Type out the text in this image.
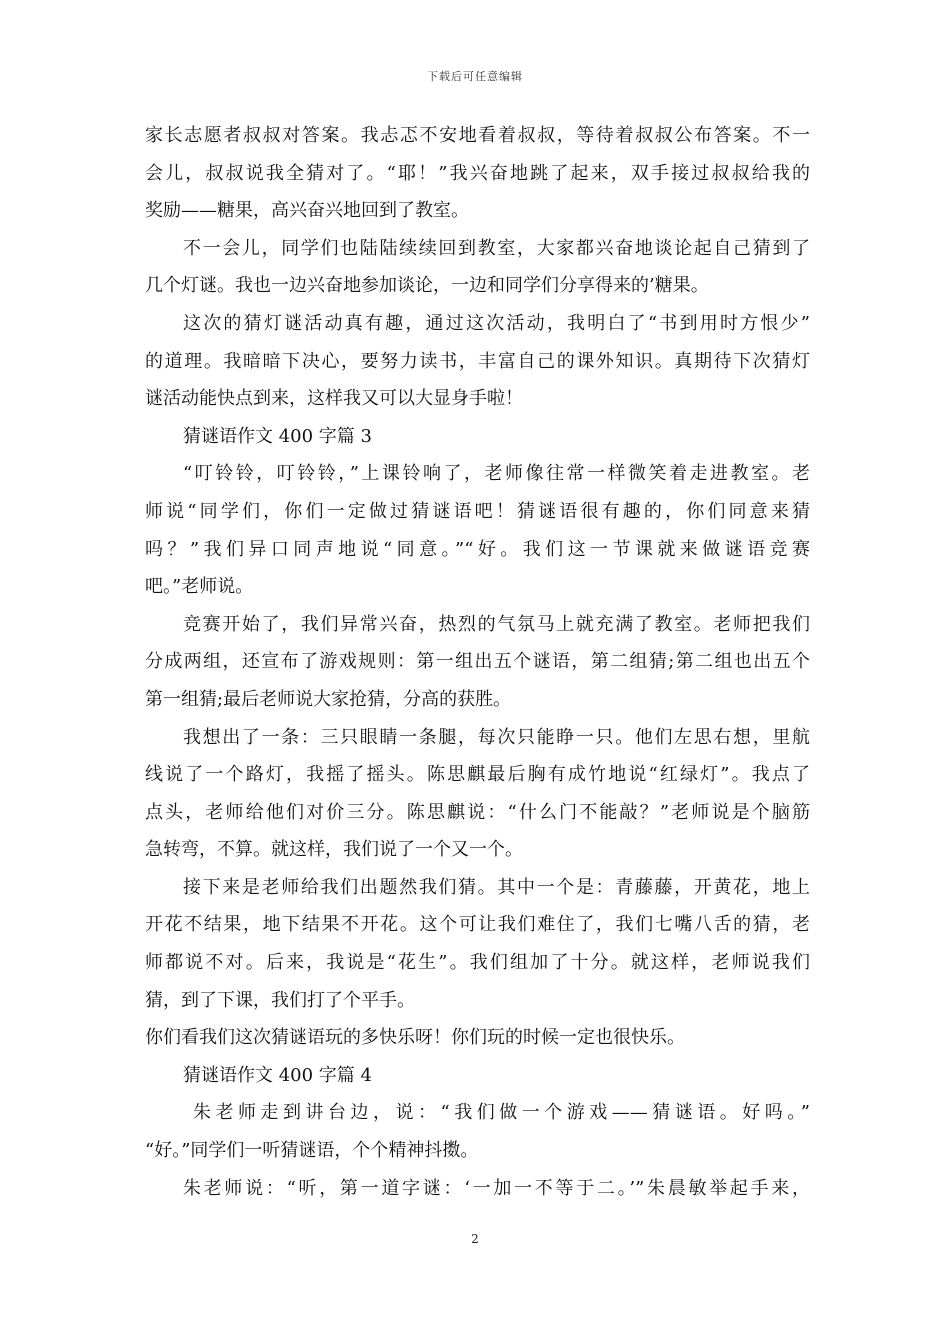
下载后可任意编辑
家长志愿者叔叔对答案。我忐忑不安地看着叔叔，等待着叔叔公布答案。不一
会儿，叔叔说我全猜对了。“耶！”我兴奋地跳了起来，双手接过叔叔给我的
奖励——糖果，高兴奋兴地回到了教室。
不一会儿，同学们也陆陆续续回到教室，大家都兴奋地谈论起自己猜到了
几个灯谜。我也一边兴奋地参加谈论，一边和同学们分享得来的’糖果。
这次的猜灯谜活动真有趣，通过这次活动，我明白了“书到用时方恨少”
的道理。我暗暗下决心，要努力读书，丰富自己的课外知识。真期待下次猜灯
谜活动能快点到来，这样我又可以大显身手啦！
猜谜语作文 400 字篇 3
“叮铃铃，叮铃铃，”上课铃响了，老师像往常一样微笑着走进教室。老
师说“同学们，你们一定做过猜谜语吧！猜谜语很有趣的，你们同意来猜
吗？”我们异口同声地说“同意。”“好。我们这一节课就来做谜语竞赛
吧。”老师说。
竞赛开始了，我们异常兴奋，热烈的气氛马上就充满了教室。老师把我们
分成两组，还宣布了游戏规则：第一组出五个谜语，第二组猜;第二组也出五个
第一组猜;最后老师说大家抢猜，分高的获胜。
我想出了一条：三只眼睛一条腿，每次只能睁一只。他们左思右想，里航
线说了一个路灯，我摇了摇头。陈思麒最后胸有成竹地说“红绿灯”。我点了
点头，老师给他们对价三分。陈思麒说：“什么门不能敲？”老师说是个脑筋
急转弯，不算。就这样，我们说了一个又一个。
接下来是老师给我们出题然我们猜。其中一个是：青藤藤，开黄花，地上
开花不结果，地下结果不开花。这个可让我们难住了，我们七嘴八舌的猜，老
师都说不对。后来，我说是“花生”。我们组加了十分。就这样，老师说我们
猜，到了下课，我们打了个平手。
你们看我们这次猜谜语玩的多快乐呀！你们玩的时候一定也很快乐。
猜谜语作文 400 字篇 4
朱老师走到讲台边，说：“我们做一个游戏——猜谜语。好吗。”
“好。”同学们一听猜谜语，个个精神抖擞。
朱老师说：“听，第一道字谜：‘一加一不等于二。’”朱晨敏举起手来，
2
